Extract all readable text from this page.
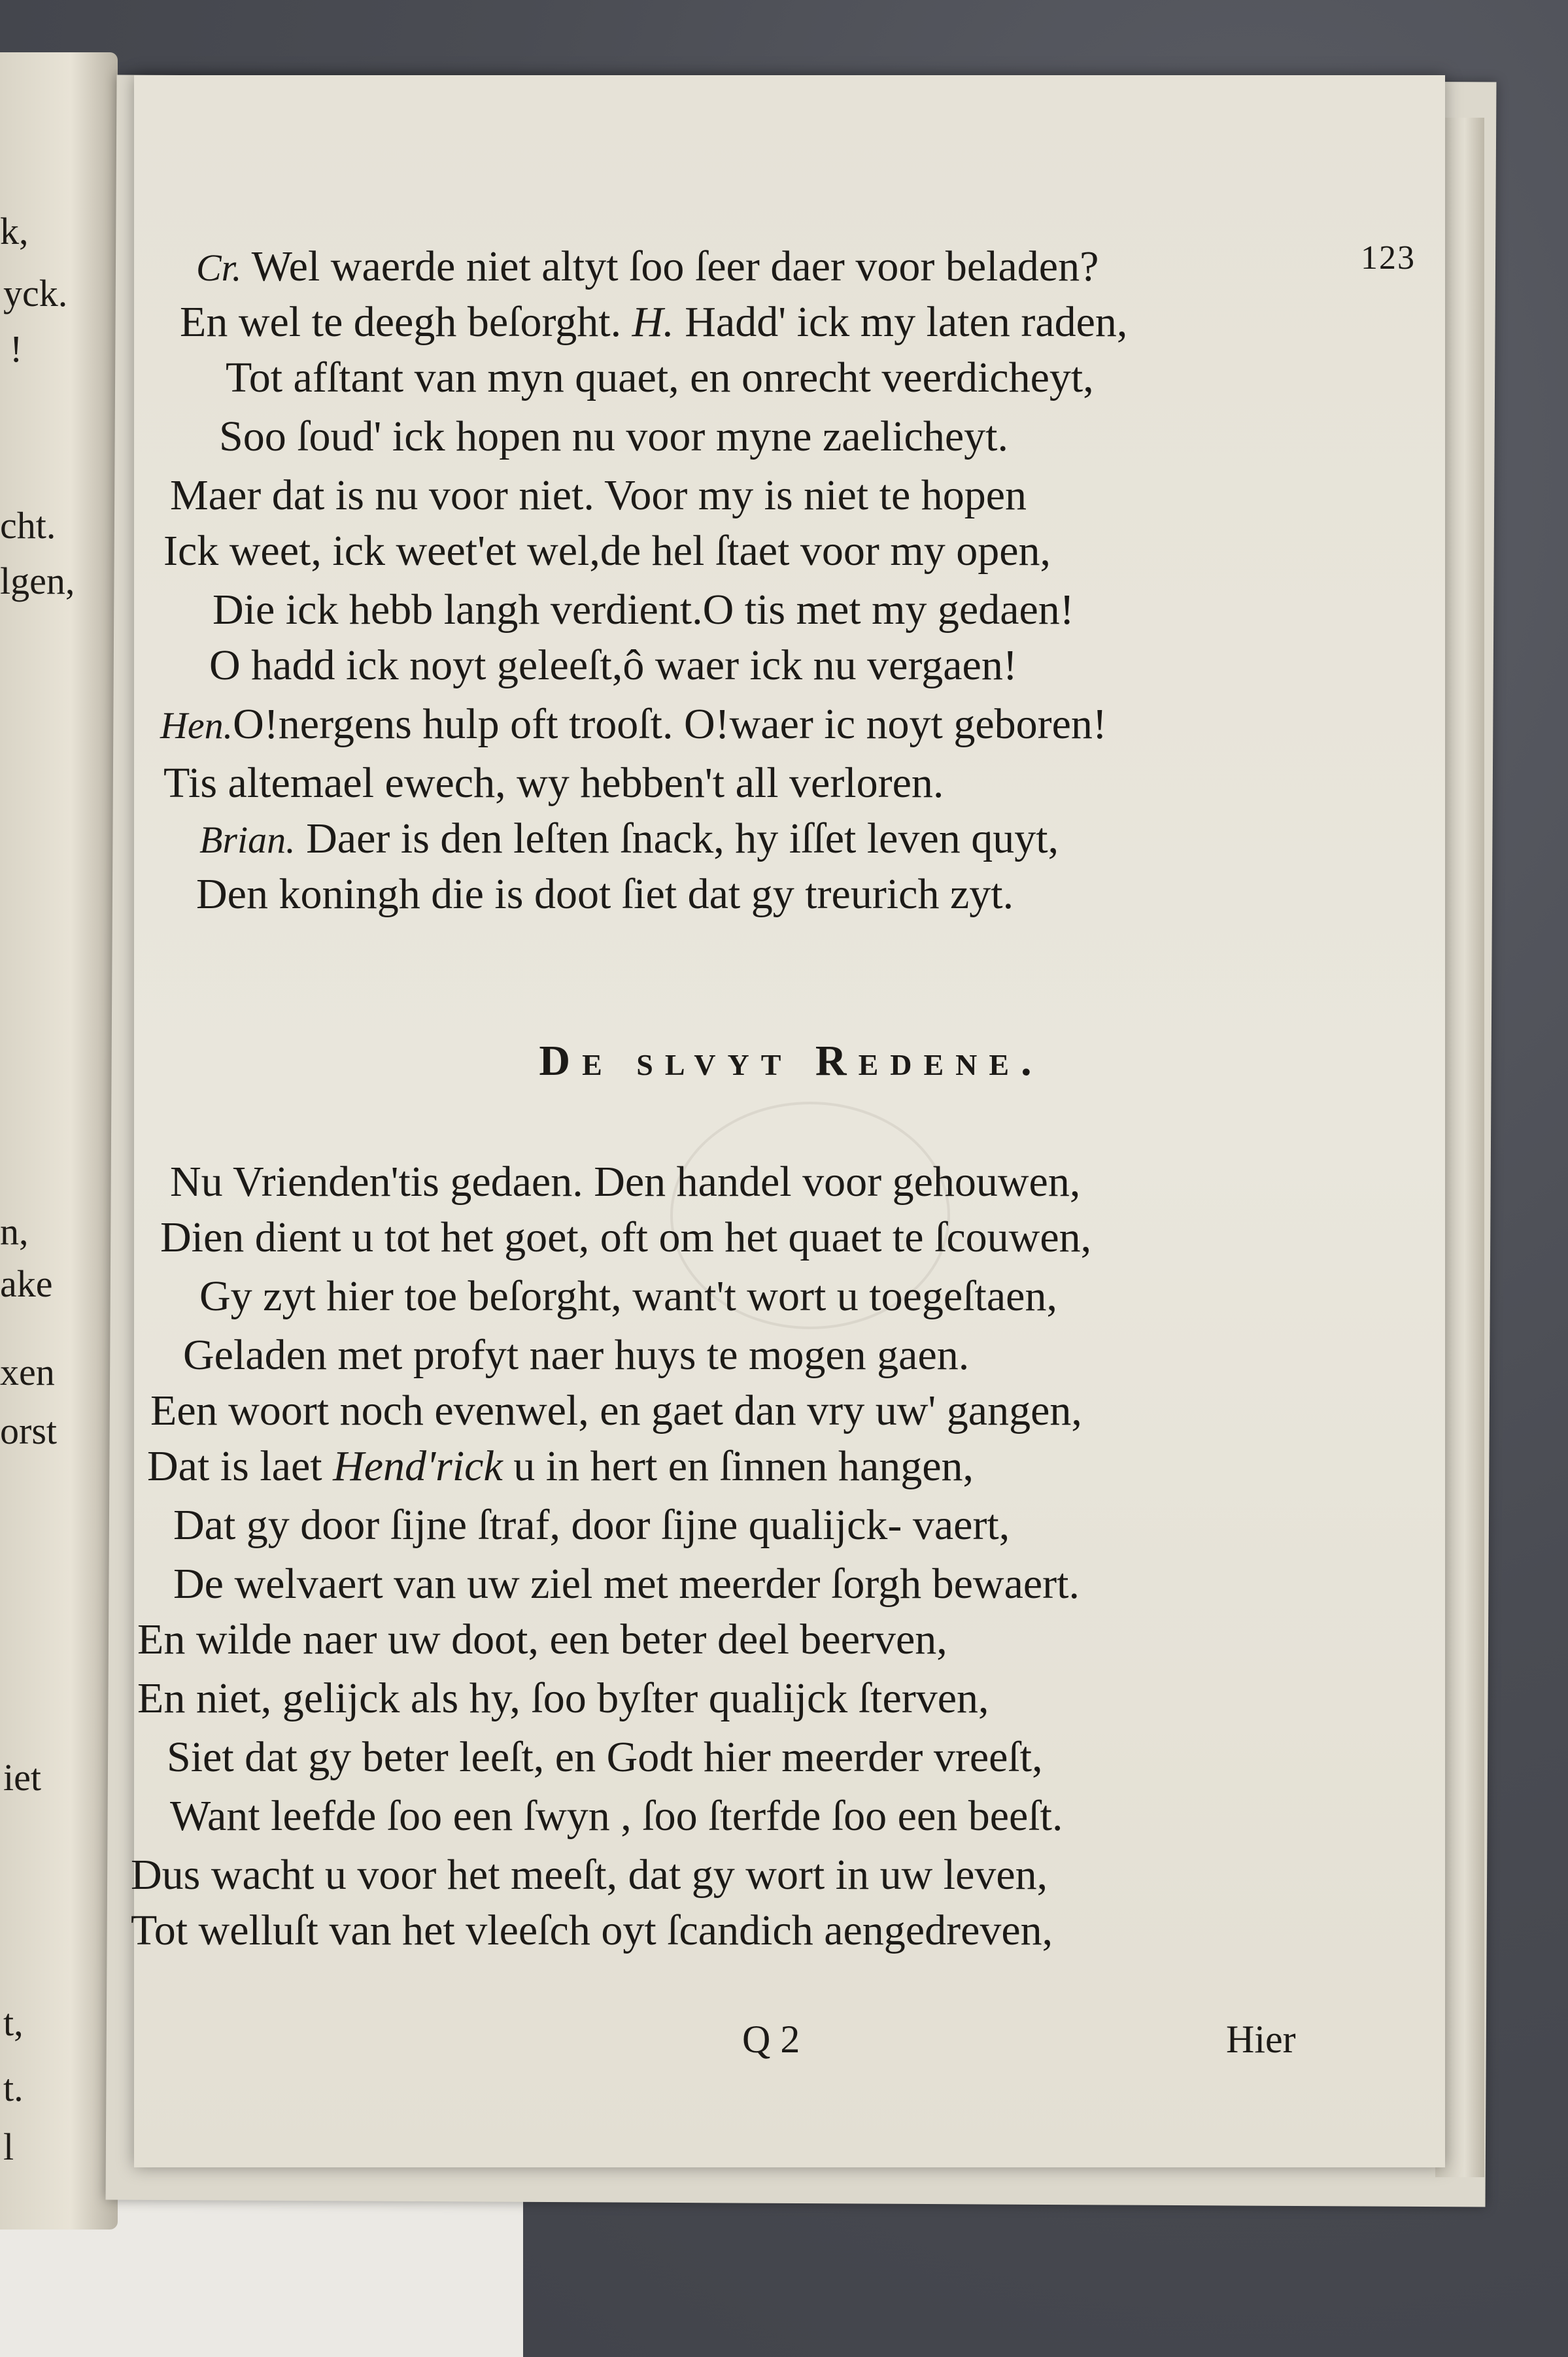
k,
yck.
!
cht.
lgen,
n,
ake
xen
orst
iet
t,
t.
l
123
Cr. Wel waerde niet altyt ſoo ſeer daer voor beladen?
En wel te deegh beſorght. H. Hadd' ick my laten raden,
Tot afſtant van myn quaet, en onrecht veerdicheyt,
Soo ſoud' ick hopen nu voor myne zaelicheyt.
Maer dat is nu voor niet. Voor my is niet te hopen
Ick weet, ick weet'et wel,de hel ſtaet voor my open,
Die ick hebb langh verdient.O tis met my gedaen!
O hadd ick noyt geleeſt,ô waer ick nu vergaen!
Hen.O!nergens hulp oft trooſt. O!waer ic noyt geboren!
Tis altemael ewech, wy hebben't all verloren.
Brian. Daer is den leſten ſnack, hy iſſet leven quyt,
Den koningh die is doot ſiet dat gy treurich zyt.
De ſlvyt Redene.
Nu Vrienden'tis gedaen. Den handel voor gehouwen,
Dien dient u tot het goet, oft om het quaet te ſcouwen,
Gy zyt hier toe beſorght, want't wort u toegeſtaen,
Geladen met profyt naer huys te mogen gaen.
Een woort noch evenwel, en gaet dan vry uw' gangen,
Dat is laet Hend'rick u in hert en ſinnen hangen,
Dat gy door ſijne ſtraf, door ſijne qualijck- vaert,
De welvaert van uw ziel met meerder ſorgh bewaert.
En wilde naer uw doot, een beter deel beerven,
En niet, gelijck als hy, ſoo byſter qualijck ſterven,
Siet dat gy beter leeſt, en Godt hier meerder vreeſt,
Want leefde ſoo een ſwyn , ſoo ſterfde ſoo een beeſt.
Dus wacht u voor het meeſt, dat gy wort in uw leven,
Tot welluſt van het vleeſch oyt ſcandich aengedreven,
Q 2	Hier
